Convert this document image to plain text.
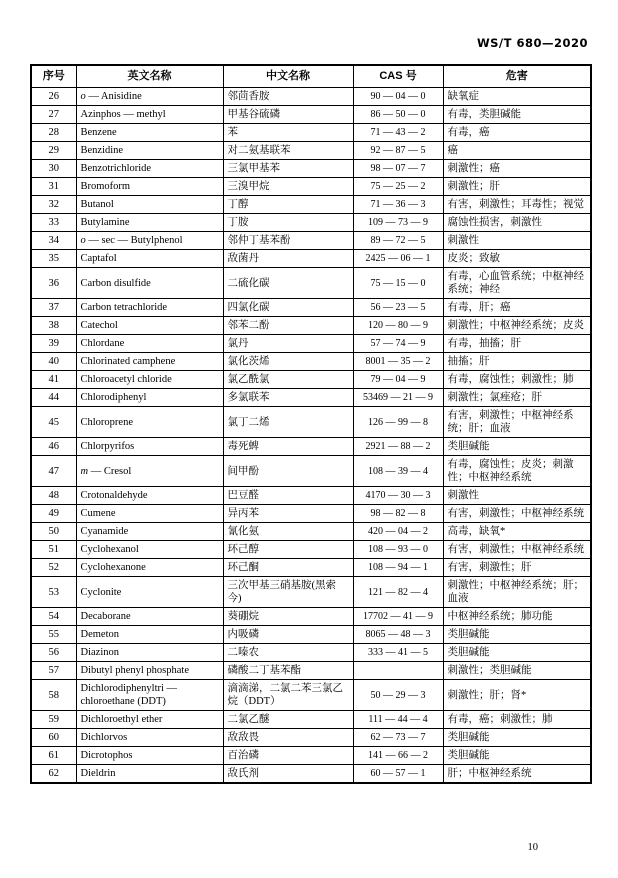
WS/T 680—2020
序号	英文名称	中文名称	CAS 号	危害
26	o — Anisidine	邻茴香胺	90 — 04 — 0	缺氧症
27	Azinphos — methyl	甲基谷硫磷	86 — 50 — 0	有毒，类胆碱能
28	Benzene	苯	71 — 43 — 2	有毒，癌
29	Benzidine	对二氨基联苯	92 — 87 — 5	癌
30	Benzotrichloride	三氯甲基苯	98 — 07 — 7	刺激性；癌
31	Bromoform	三溴甲烷	75 — 25 — 2	刺激性；肝
32	Butanol	丁醇	71 — 36 — 3	有害，刺激性；耳毒性；视觉
33	Butylamine	丁胺	109 — 73 — 9	腐蚀性损害，刺激性
34	o — sec — Butylphenol	邻仲丁基苯酚	89 — 72 — 5	刺激性
35	Captafol	敌菌丹	2425 — 06 — 1	皮炎；致敏
36	Carbon disulfide	二硫化碳	75 — 15 — 0	有毒，心血管系统；中枢神经系统；神经
37	Carbon tetrachloride	四氯化碳	56 — 23 — 5	有毒，肝；癌
38	Catechol	邻苯二酚	120 — 80 — 9	刺激性；中枢神经系统；皮炎
39	Chlordane	氯丹	57 — 74 — 9	有毒，抽搐；肝
40	Chlorinated camphene	氯化茨烯	8001 — 35 — 2	抽搐；肝
41	Chloroacetyl chloride	氯乙酰氯	79 — 04 — 9	有毒，腐蚀性；刺激性；肺
44	Chlorodiphenyl	多氯联苯	53469 — 21 — 9	刺激性；氯痤疮；肝
45	Chloroprene	氯丁二烯	126 — 99 — 8	有害，刺激性；中枢神经系统；肝；血液
46	Chlorpyrifos	毒死蜱	2921 — 88 — 2	类胆碱能
47	m — Cresol	间甲酚	108 — 39 — 4	有毒，腐蚀性；皮炎；刺激性；中枢神经系统
48	Crotonaldehyde	巴豆醛	4170 — 30 — 3	刺激性
49	Cumene	异丙苯	98 — 82 — 8	有害，刺激性；中枢神经系统
50	Cyanamide	氰化氨	420 — 04 — 2	高毒，缺氧*
51	Cyclohexanol	环己醇	108 — 93 — 0	有害，刺激性；中枢神经系统
52	Cyclohexanone	环己酮	108 — 94 — 1	有害，刺激性；肝
53	Cyclonite	三次甲基三硝基胺(黑索今)	121 — 82 — 4	刺激性；中枢神经系统；肝；血液
54	Decaborane	葵硼烷	17702 — 41 — 9	中枢神经系统；肺功能
55	Demeton	内吸磷	8065 — 48 — 3	类胆碱能
56	Diazinon	二嗪农	333 — 41 — 5	类胆碱能
57	Dibutyl phenyl phosphate	磷酸二丁基苯酯		刺激性；类胆碱能
58	Dichlorodiphenyltri — chloroethane (DDT)	滴滴涕，二氯二苯三氯乙烷（DDT）	50 — 29 — 3	刺激性；肝；肾*
59	Dichloroethyl ether	二氯乙醚	111 — 44 — 4	有毒，癌；刺激性；肺
60	Dichlorvos	敌敌畏	62 — 73 — 7	类胆碱能
61	Dicrotophos	百治磷	141 — 66 — 2	类胆碱能
62	Dieldrin	敌氏剂	60 — 57 — 1	肝；中枢神经系统
10
